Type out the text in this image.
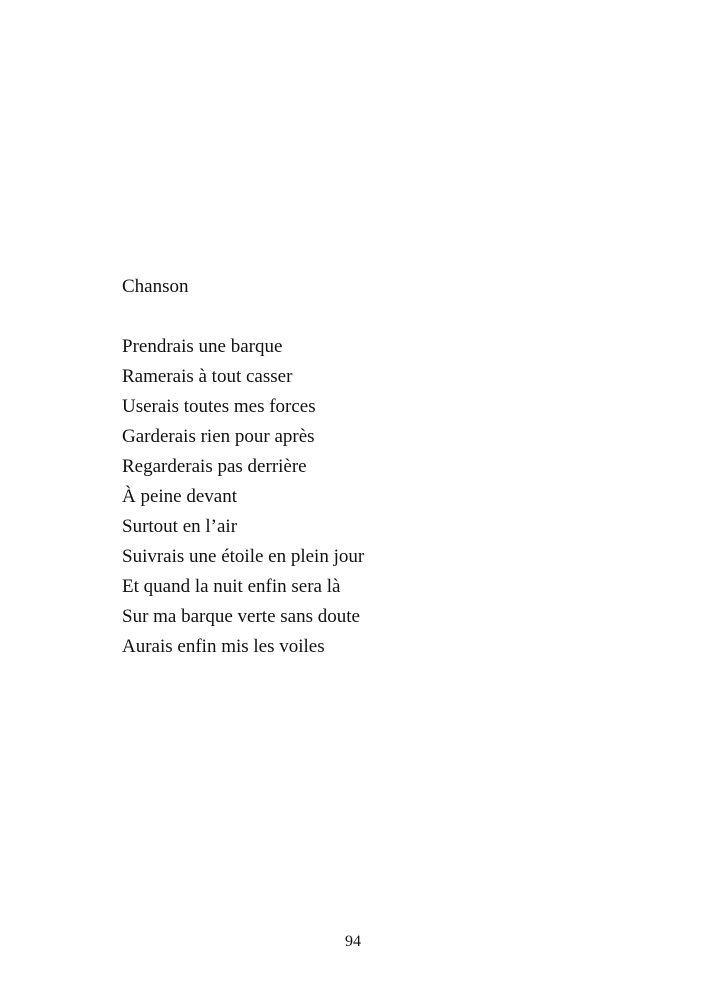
Chanson
Prendrais une barque
Ramerais à tout casser
Userais toutes mes forces
Garderais rien pour après
Regarderais pas derrière
À peine devant
Surtout en l’air
Suivrais une étoile en plein jour
Et quand la nuit enfin sera là
Sur ma barque verte sans doute
Aurais enfin mis les voiles
94
